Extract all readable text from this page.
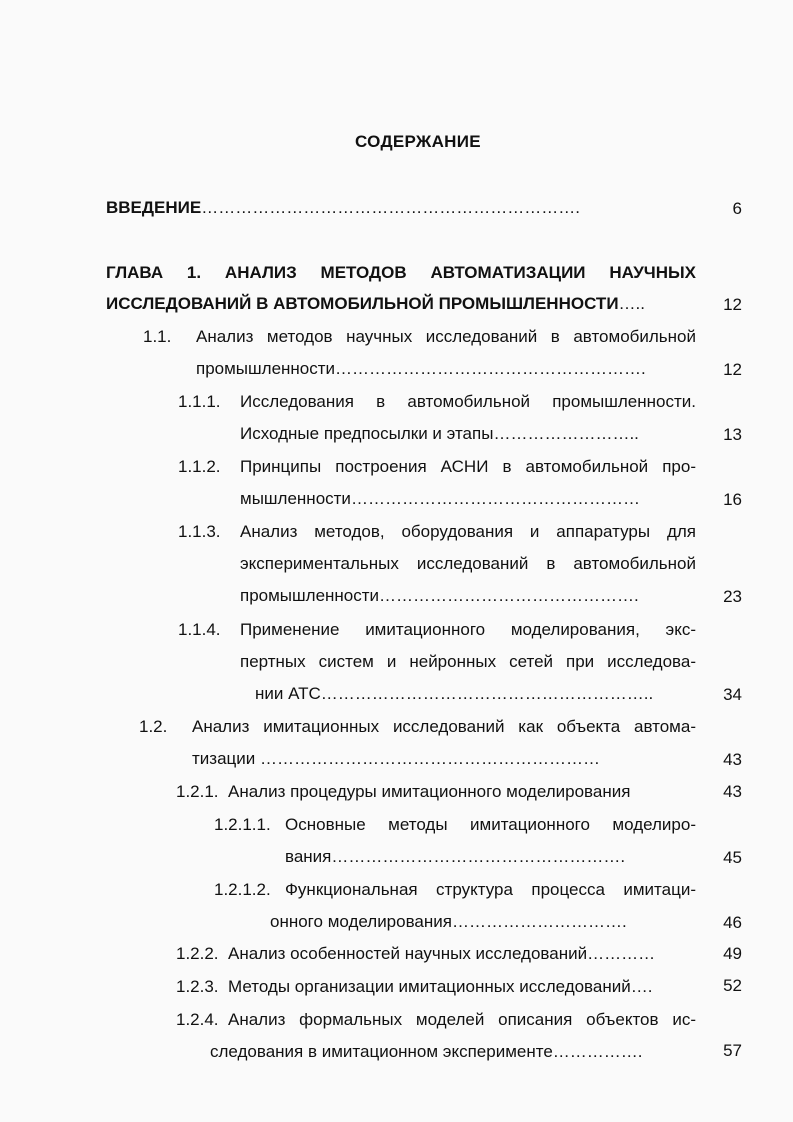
СОДЕРЖАНИЕ
ВВЕДЕНИЕ………………………………………………………….	6
ГЛАВА 1. АНАЛИЗ МЕТОДОВ АВТОМАТИЗАЦИИ НАУЧНЫХ
ИССЛЕДОВАНИЙ В АВТОМОБИЛЬНОЙ ПРОМЫШЛЕННОСТИ…..	12
1.1. Анализ методов научных исследований в автомобильной
промышленности……………………………………………….	12
1.1.1. Исследования в автомобильной промышленности.
Исходные предпосылки и этапы……………………..	13
1.1.2. Принципы построения АСНИ в автомобильной про-
мышленности……………………………………………	16
1.1.3. Анализ методов, оборудования и аппаратуры для
экспериментальных исследований в автомобильной
промышленности……………………………………….	23
1.1.4. Применение имитационного моделирования, экс-
пертных систем и нейронных сетей при исследова-
нии АТС…………………………………………………..	34
1.2. Анализ имитационных исследований как объекта автома-
тизации ……………………………………………………	43
1.2.1. Анализ процедуры имитационного моделирования	43
1.2.1.1. Основные методы имитационного моделиро-
вания…………………………………………….	45
1.2.1.2. Функциональная структура процесса имитаци-
онного моделирования………………………….	46
1.2.2. Анализ особенностей научных исследований…………	49
1.2.3. Методы организации имитационных исследований….	52
1.2.4. Анализ формальных моделей описания объектов ис-
следования в имитационном эксперименте…………….	57
